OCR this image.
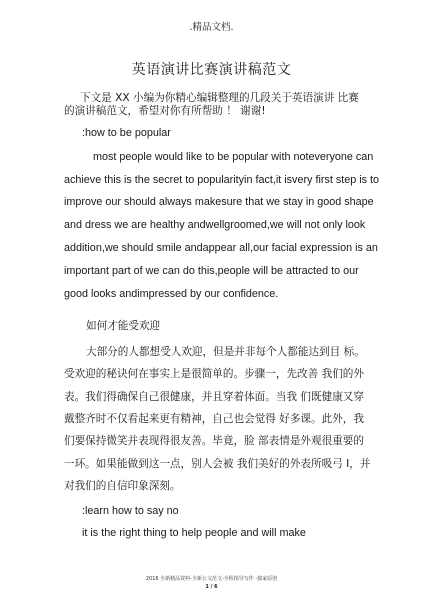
.精品文档.
英语演讲比赛演讲稿范文
下文是 XX 小编为你精心编辑整理的几段关于英语演讲 比赛
的演讲稿范文，希望对你有所帮助 ！ 谢谢!
:how to be popular
most people would like to be popular with noteveryone can
achieve this is the secret to popularityin fact,it isvery first step is to
improve our should always makesure that we stay in good shape
and dress we are healthy andwellgroomed,we will not only look
addition,we should smile andappear all,our facial expression is an
important part of we can do this,people will be attracted to our
good looks andimpressed by our confidence.
如何才能受欢迎
大部分的人都想受人欢迎，但是并非每个人都能达到目 标。
受欢迎的秘诀何在事实上是很简单的。步骤一，先改善 我们的外
表。我们得确保自己很健康，并且穿着体面。当我 们既健康又穿
戴整齐时不仅看起来更有精神，自己也会觉得 好多课。此外，我
们要保持微笑并表现得很友善。毕竟，脸 部表情是外观很重要的
一环。如果能做到这一点，别人会被 我们美好的外表所吸弓 I，并
对我们的自信印象深刻。
:learn how to say no
it is the right thing to help people and will make
2016 全新精品资料-全新公文范文-全程指导写作 -独家原创
1 / 6
